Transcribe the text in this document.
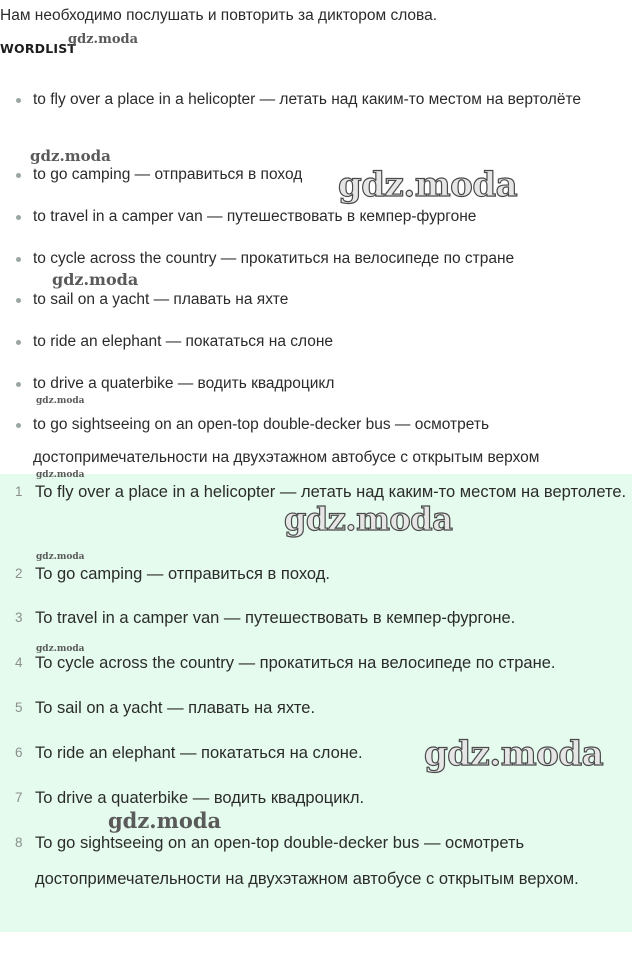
Нам необходимо послушать и повторить за диктором слова.
WORDLIST
to fly over a place in a helicopter — летать над каким-то местом на вертолёте
to go camping — отправиться в поход
to travel in a camper van — путешествовать в кемпер-фургоне
to cycle across the country — прокатиться на велосипеде по стране
to sail on a yacht — плавать на яхте
to ride an elephant — покататься на слоне
to drive a quaterbike — водить квадроцикл
to go sightseeing on an open-top double-decker bus — осмотреть достопримечательности на двухэтажном автобусе с открытым верхом
1 To fly over a place in a helicopter — летать над каким-то местом на вертолете.
2 To go camping — отправиться в поход.
3 To travel in a camper van — путешествовать в кемпер-фургоне.
4 To cycle across the country — прокатиться на велосипеде по стране.
5 To sail on a yacht — плавать на яхте.
6 To ride an elephant — покататься на слоне.
7 To drive a quaterbike — водить квадроцикл.
8 To go sightseeing on an open-top double-decker bus — осмотреть достопримечательности на двухэтажном автобусе с открытым верхом.
gdz.moda
gdz.moda
gdz.moda
gdz.moda
gdz.moda
gdz.moda
gdz.moda
gdz.moda
gdz.moda
gdz.moda
gdz.moda
